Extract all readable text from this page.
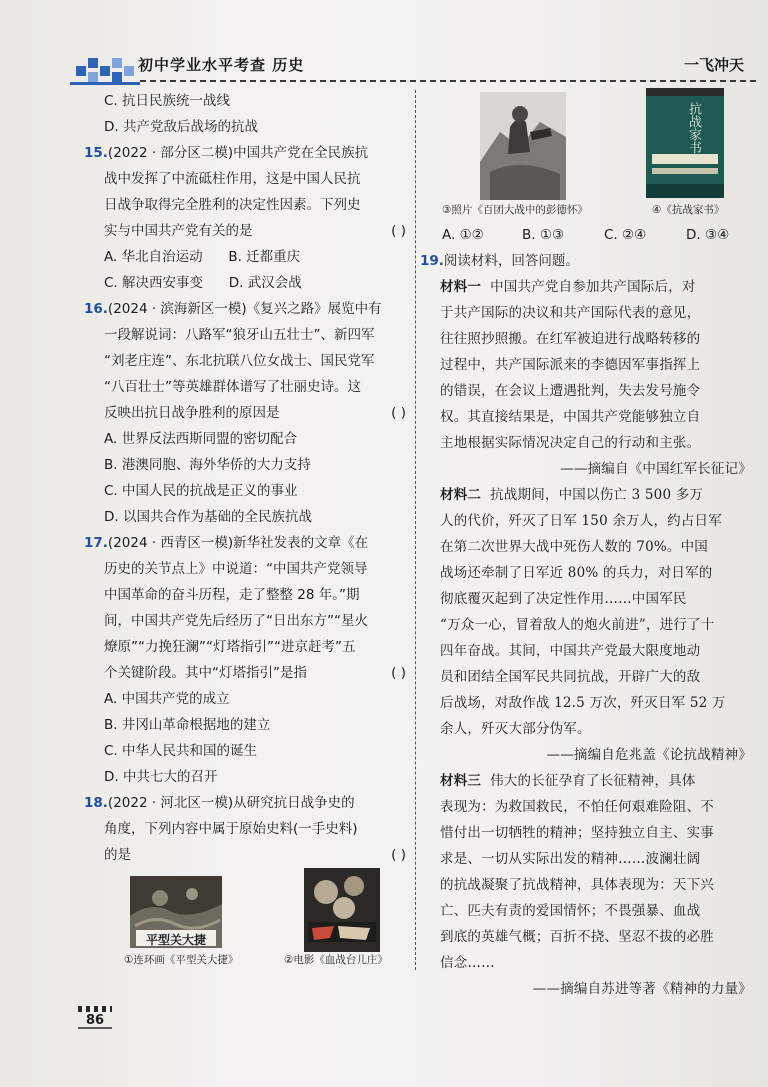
初中学业水平考查 历史	一飞冲天
C. 抗日民族统一战线
D. 共产党敌后战场的抗战
15.(2022 · 部分区二模)中国共产党在全民族抗
战中发挥了中流砥柱作用，这是中国人民抗
日战争取得完全胜利的决定性因素。下列史
实与中国共产党有关的是	( )
A. 华北自治运动      B. 迁都重庆
C. 解决西安事变      D. 武汉会战
16.(2024 · 滨海新区一模)《复兴之路》展览中有
一段解说词：八路军“狼牙山五壮士”、新四军
“刘老庄连”、东北抗联八位女战士、国民党军
“八百壮士”等英雄群体谱写了壮丽史诗。这
反映出抗日战争胜利的原因是	( )
A. 世界反法西斯同盟的密切配合
B. 港澳同胞、海外华侨的大力支持
C. 中国人民的抗战是正义的事业
D. 以国共合作为基础的全民族抗战
17.(2024 · 西青区一模)新华社发表的文章《在
历史的关节点上》中说道：“中国共产党领导
中国革命的奋斗历程，走了整整 28 年。”期
间，中国共产党先后经历了“日出东方”“星火
燎原”“力挽狂澜”“灯塔指引”“进京赶考”五
个关键阶段。其中“灯塔指引”是指	( )
A. 中国共产党的成立
B. 井冈山革命根据地的建立
C. 中华人民共和国的诞生
D. 中共七大的召开
18.(2022 · 河北区一模)从研究抗日战争史的
角度，下列内容中属于原始史料(一手史料)
的是	( )
平型关大捷
①连环画《平型关大捷》	②电影《血战台儿庄》
86
③照片《百团大战中的彭德怀》
抗战家书
④《抗战家书》
A. ①②	B. ①③	C. ②④	D. ③④
19.阅读材料，回答问题。
材料一 中国共产党自参加共产国际后，对
于共产国际的决议和共产国际代表的意见，
往往照抄照搬。在红军被迫进行战略转移的
过程中，共产国际派来的李德因军事指挥上
的错误，在会议上遭遇批判，失去发号施令
权。其直接结果是，中国共产党能够独立自
主地根据实际情况决定自己的行动和主张。
——摘编自《中国红军长征记》
材料二 抗战期间，中国以伤亡 3 500 多万
人的代价，歼灭了日军 150 余万人，约占日军
在第二次世界大战中死伤人数的 70%。中国
战场还牵制了日军近 80% 的兵力，对日军的
彻底覆灭起到了决定性作用……中国军民
“万众一心，冒着敌人的炮火前进”，进行了十
四年奋战。其间，中国共产党最大限度地动
员和团结全国军民共同抗战，开辟广大的敌
后战场，对敌作战 12.5 万次，歼灭日军 52 万
余人，歼灭大部分伪军。
——摘编自危兆盖《论抗战精神》
材料三 伟大的长征孕育了长征精神，具体
表现为：为救国救民，不怕任何艰难险阻、不
惜付出一切牺牲的精神；坚持独立自主、实事
求是、一切从实际出发的精神……波澜壮阔
的抗战凝聚了抗战精神，具体表现为：天下兴
亡、匹夫有责的爱国情怀；不畏强暴、血战
到底的英雄气概；百折不挠、坚忍不拔的必胜
信念……
——摘编自苏进等著《精神的力量》
